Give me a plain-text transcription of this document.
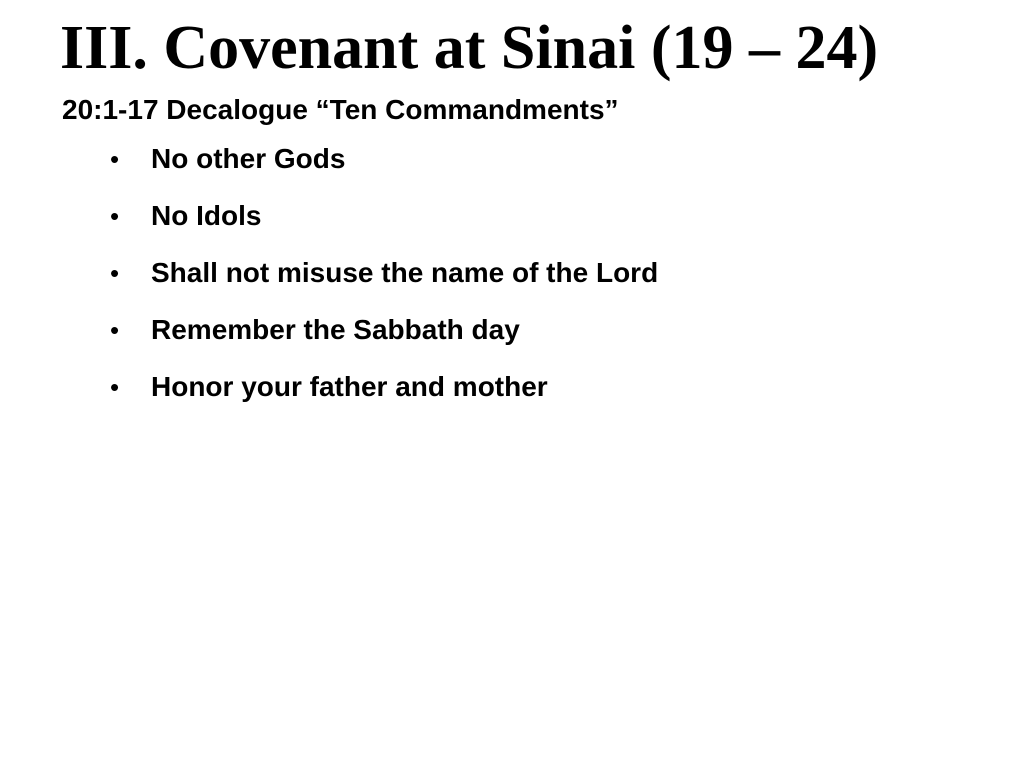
III. Covenant at Sinai (19 – 24)
20:1-17 Decalogue “Ten Commandments”
• No other Gods
• No Idols
• Shall not misuse the name of the Lord
• Remember the Sabbath day
• Honor your father and mother
